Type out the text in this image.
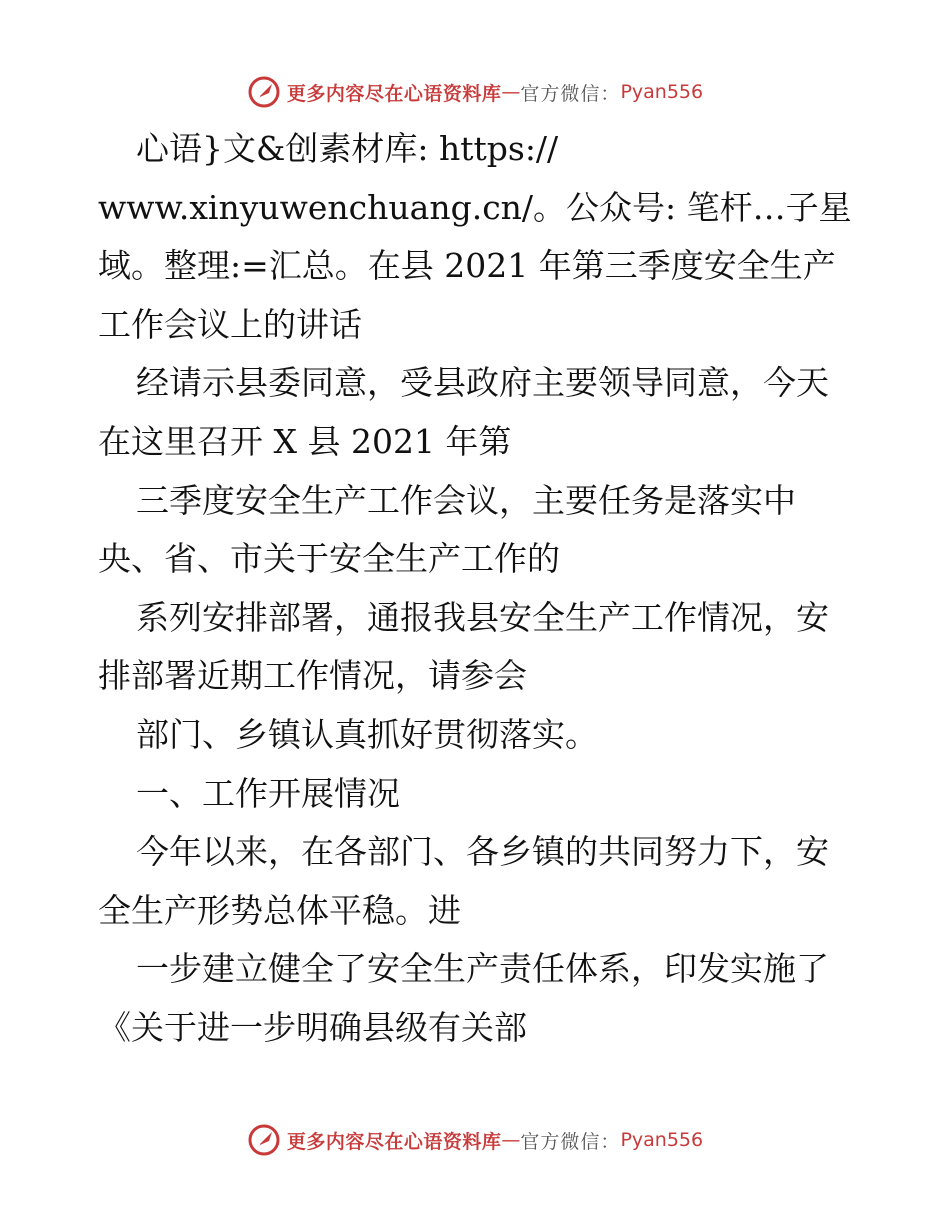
更多内容尽在心语资料库 — 官方微信： Pyan556
心语}文&创素材库: https://
www.xinyuwenchuang.cn/。公众号: 笔杆…子星
域。整理:=汇总。在县 2021 年第三季度安全生产
工作会议上的讲话
经请示县委同意，受县政府主要领导同意，今天
在这里召开 X 县 2021 年第
三季度安全生产工作会议，主要任务是落实中
央、省、市关于安全生产工作的
系列安排部署，通报我县安全生产工作情况，安
排部署近期工作情况，请参会
部门、乡镇认真抓好贯彻落实。
一、工作开展情况
今年以来，在各部门、各乡镇的共同努力下，安
全生产形势总体平稳。进
一步建立健全了安全生产责任体系，印发实施了
《关于进一步明确县级有关部
更多内容尽在心语资料库 — 官方微信： Pyan556
